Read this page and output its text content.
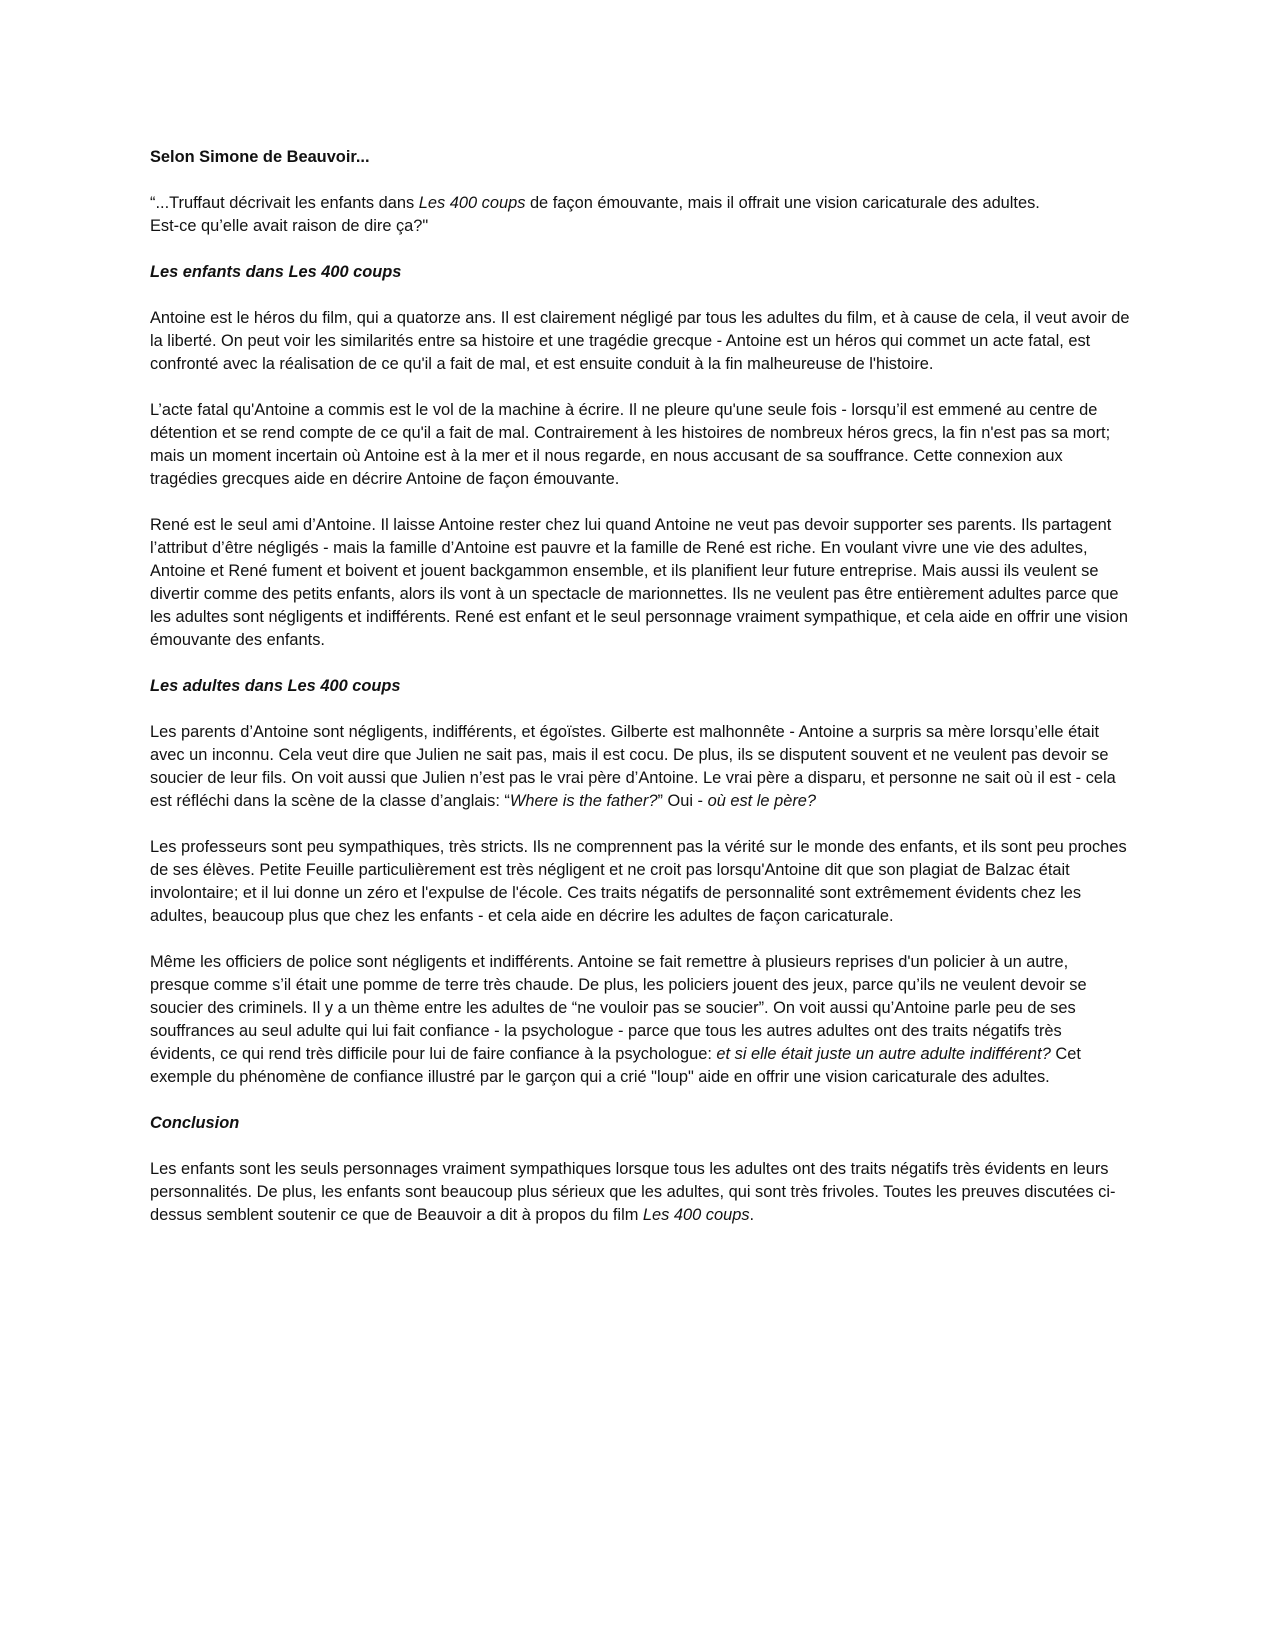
Selon Simone de Beauvoir...
“...Truffaut décrivait les enfants dans Les 400 coups de façon émouvante, mais il offrait une vision caricaturale des adultes.
Est-ce qu’elle avait raison de dire ça?"
Les enfants dans Les 400 coups

Antoine est le héros du film, qui a quatorze ans. Il est clairement négligé par tous les adultes du film, et à cause de cela, il veut avoir de la liberté. On peut voir les similarités entre sa histoire et une tragédie grecque - Antoine est un héros qui commet un acte fatal, est confronté avec la réalisation de ce qu'il a fait de mal, et est ensuite conduit à la fin malheureuse de l'histoire.

L’acte fatal qu'Antoine a commis est le vol de la machine à écrire. Il ne pleure qu'une seule fois - lorsqu’il est emmené au centre de détention et se rend compte de ce qu'il a fait de mal. Contrairement à les histoires de nombreux héros grecs, la fin n'est pas sa mort; mais un moment incertain où Antoine est à la mer et il nous regarde, en nous accusant de sa souffrance. Cette connexion aux tragédies grecques aide en décrire Antoine de façon émouvante.

René est le seul ami d’Antoine. Il laisse Antoine rester chez lui quand Antoine ne veut pas devoir supporter ses parents. Ils partagent l’attribut d’être négligés - mais la famille d’Antoine est pauvre et la famille de René est riche. En voulant vivre une vie des adultes, Antoine et René fument et boivent et jouent backgammon ensemble, et ils planifient leur future entreprise. Mais aussi ils veulent se divertir comme des petits enfants, alors ils vont à un spectacle de marionnettes. Ils ne veulent pas être entièrement adultes parce que les adultes sont négligents et indifférents. René est enfant et le seul personnage vraiment sympathique, et cela aide en offrir une vision émouvante des enfants.

Les adultes dans Les 400 coups

Les parents d’Antoine sont négligents, indifférents, et égoïstes. Gilberte est malhonnête - Antoine a surpris sa mère lorsqu’elle était avec un inconnu. Cela veut dire que Julien ne sait pas, mais il est cocu. De plus, ils se disputent souvent et ne veulent pas devoir se soucier de leur fils. On voit aussi que Julien n’est pas le vrai père d’Antoine. Le vrai père a disparu, et personne ne sait où il est - cela est réfléchi dans la scène de la classe d’anglais: “Where is the father?” Oui - où est le père?

Les professeurs sont peu sympathiques, très stricts. Ils ne comprennent pas la vérité sur le monde des enfants, et ils sont peu proches de ses élèves. Petite Feuille particulièrement est très négligent et ne croit pas lorsqu'Antoine dit que son plagiat de Balzac était involontaire; et il lui donne un zéro et l'expulse de l'école. Ces traits négatifs de personnalité sont extrêmement évidents chez les adultes, beaucoup plus que chez les enfants - et cela aide en décrire les adultes de façon caricaturale.

Même les officiers de police sont négligents et indifférents. Antoine se fait remettre à plusieurs reprises d'un policier à un autre, presque comme s’il était une pomme de terre très chaude. De plus, les policiers jouent des jeux, parce qu’ils ne veulent devoir se soucier des criminels. Il y a un thème entre les adultes de “ne vouloir pas se soucier”. On voit aussi qu’Antoine parle peu de ses souffrances au seul adulte qui lui fait confiance - la psychologue - parce que tous les autres adultes ont des traits négatifs très évidents, ce qui rend très difficile pour lui de faire confiance à la psychologue: et si elle était juste un autre adulte indifférent? Cet exemple du phénomène de confiance illustré par le garçon qui a crié "loup" aide en offrir une vision caricaturale des adultes.

Conclusion

Les enfants sont les seuls personnages vraiment sympathiques lorsque tous les adultes ont des traits négatifs très évidents en leurs personnalités. De plus, les enfants sont beaucoup plus sérieux que les adultes, qui sont très frivoles. Toutes les preuves discutées ci-dessus semblent soutenir ce que de Beauvoir a dit à propos du film Les 400 coups.
